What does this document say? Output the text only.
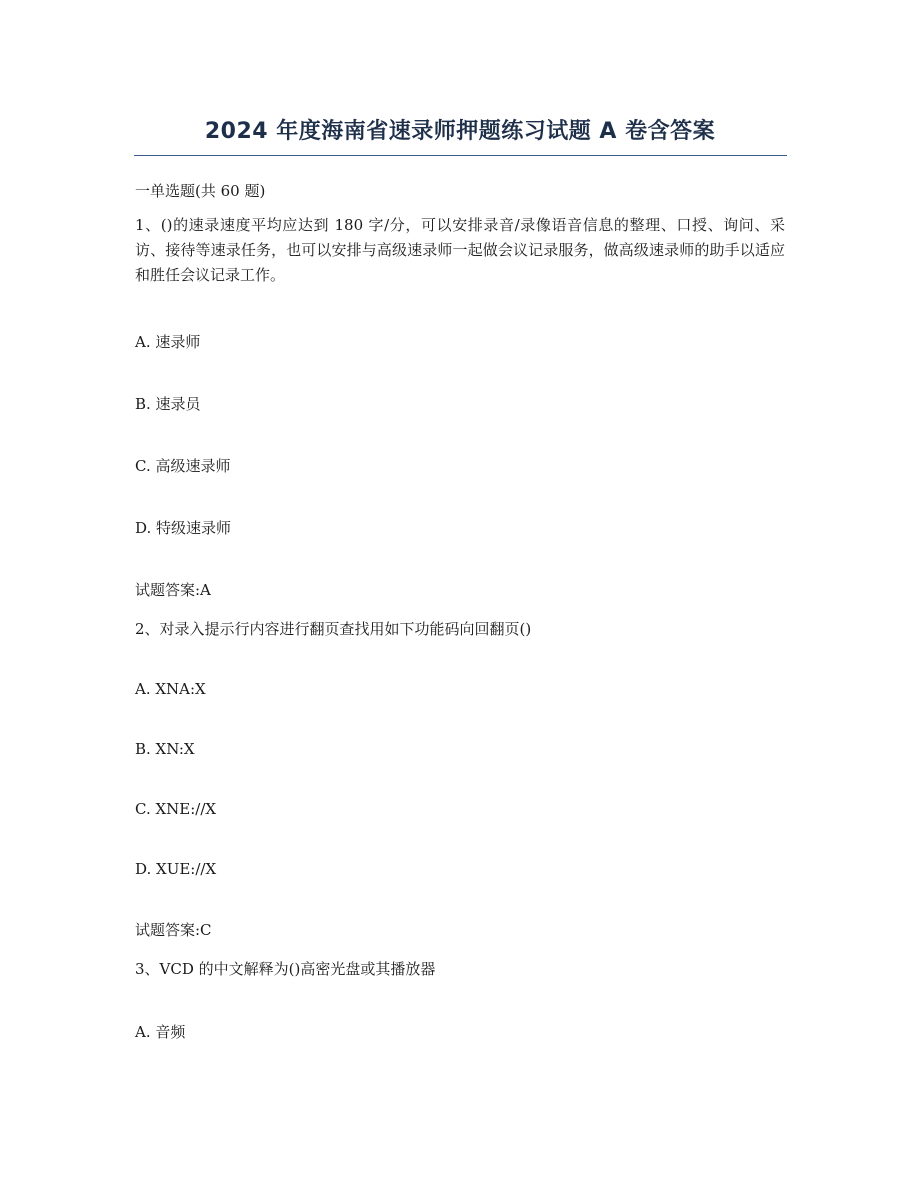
2024 年度海南省速录师押题练习试题 A 卷含答案
一单选题(共 60 题)
1、()的速录速度平均应达到 180 字/分，可以安排录音/录像语音信息的整理、口授、询问、采访、接待等速录任务，也可以安排与高级速录师一起做会议记录服务，做高级速录师的助手以适应和胜任会议记录工作。
A. 速录师
B. 速录员
C. 高级速录师
D. 特级速录师
试题答案:A
2、对录入提示行内容进行翻页查找用如下功能码向回翻页()
A. XNA:X
B. XN:X
C. XNE://X
D. XUE://X
试题答案:C
3、VCD 的中文解释为()高密光盘或其播放器
A. 音频
